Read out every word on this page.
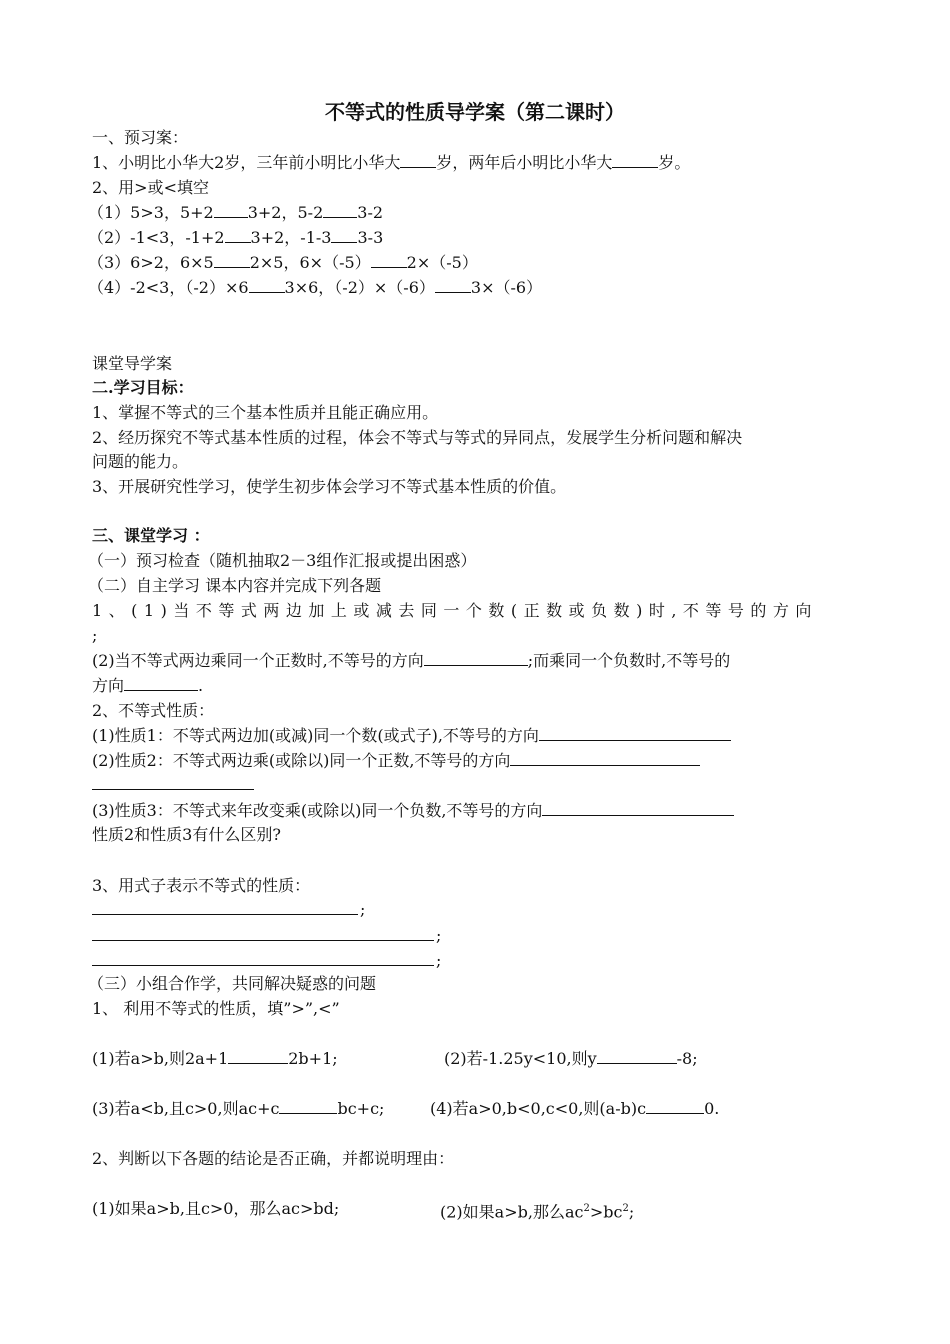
不等式的性质导学案（第二课时）
一、预习案：
1、小明比小华大2岁，三年前小明比小华大 岁，两年后小明比小华大	岁。
2、用>或<填空
（1）5>3，5+2 3+2，5-2 3-2
（2）-1<3，-1+2 3+2，-1-3 3-3
（3）6>2，6×5 2×5，6×（-5） 2×（-5）
（4）-2<3，（-2）×6 3×6，（-2）×（-6） 3×（-6）
课堂导学案
二.学习目标：
1、掌握不等式的三个基本性质并且能正确应用。
2、经历探究不等式基本性质的过程，体会不等式与等式的异同点，发展学生分析问题和解决
问题的能力。
3、开展研究性学习，使学生初步体会学习不等式基本性质的价值。
三、课堂学习 ：
（一）预习检查（随机抽取2－3组作汇报或提出困惑）
（二）自主学习 课本内容并完成下列各题
1、(1)当不等式两边加上或减去同一个数(正数或负数)时,不等号的方向
;
(2)当不等式两边乘同一个正数时,不等号的方向	;而乘同一个负数时,不等号的
方向	.
2、不等式性质：
(1)性质1：不等式两边加(或减)同一个数(或式子),不等号的方向
(2)性质2：不等式两边乘(或除以)同一个正数,不等号的方向
(3)性质3：不等式来年改变乘(或除以)同一个负数,不等号的方向
性质2和性质3有什么区别?
3、用式子表示不等式的性质：
;
;
;
（三）小组合作学，共同解决疑惑的问题
1、 利用不等式的性质，填”>”,<”
(1)若a>b,则2a+1	2b+1;	(2)若-1.25y<10,则y	-8;
(3)若a<b,且c>0,则ac+c	bc+c;	(4)若a>0,b<0,c<0,则(a-b)c	0.
2、判断以下各题的结论是否正确，并都说明理由：
(1)如果a>b,且c>0，那么ac>bd;	(2)如果a>b,那么$ac^2>bc^2$;
